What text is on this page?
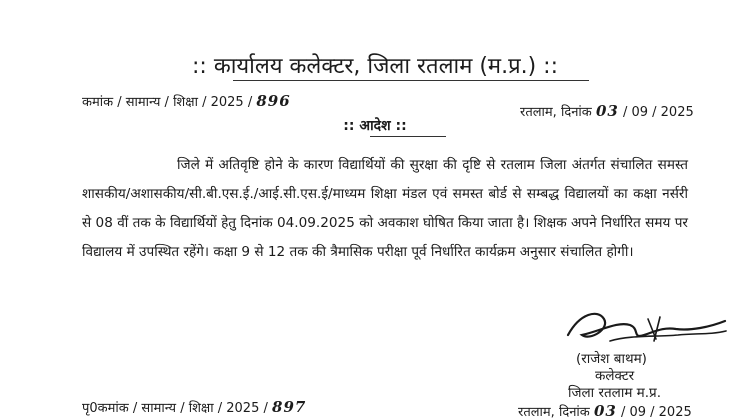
:: कार्यालय कलेक्टर, जिला रतलाम (म.प्र.) ::
कमांक / सामान्य / शिक्षा / 2025 / 896
रतलाम, दिनांक 03 / 09 / 2025
:: आदेश ::

जिले में अतिवृष्टि होने के कारण विद्यार्थियों की सुरक्षा की दृष्टि से रतलाम जिला अंतर्गत संचालित समस्त शासकीय/अशासकीय/सी.बी.एस.ई./आई.सी.एस.ई/माध्यम शिक्षा मंडल एवं समस्त बोर्ड से सम्बद्ध विद्यालयों का कक्षा नर्सरी से 08 वीं तक के विद्यार्थियों हेतु दिनांक 04.09.2025 को अवकाश घोषित किया जाता है। शिक्षक अपने निर्धारित समय पर विद्यालय में उपस्थित रहेंगे। कक्षा 9 से 12 तक की त्रैमासिक परीक्षा पूर्व निर्धारित कार्यक्रम अनुसार संचालित होगी।

(राजेश बाथम)
कलेक्टर
जिला रतलाम म.प्र.
पृ0कमांक / सामान्य / शिक्षा / 2025 / 897	रतलाम, दिनांक 03 / 09 / 2025
